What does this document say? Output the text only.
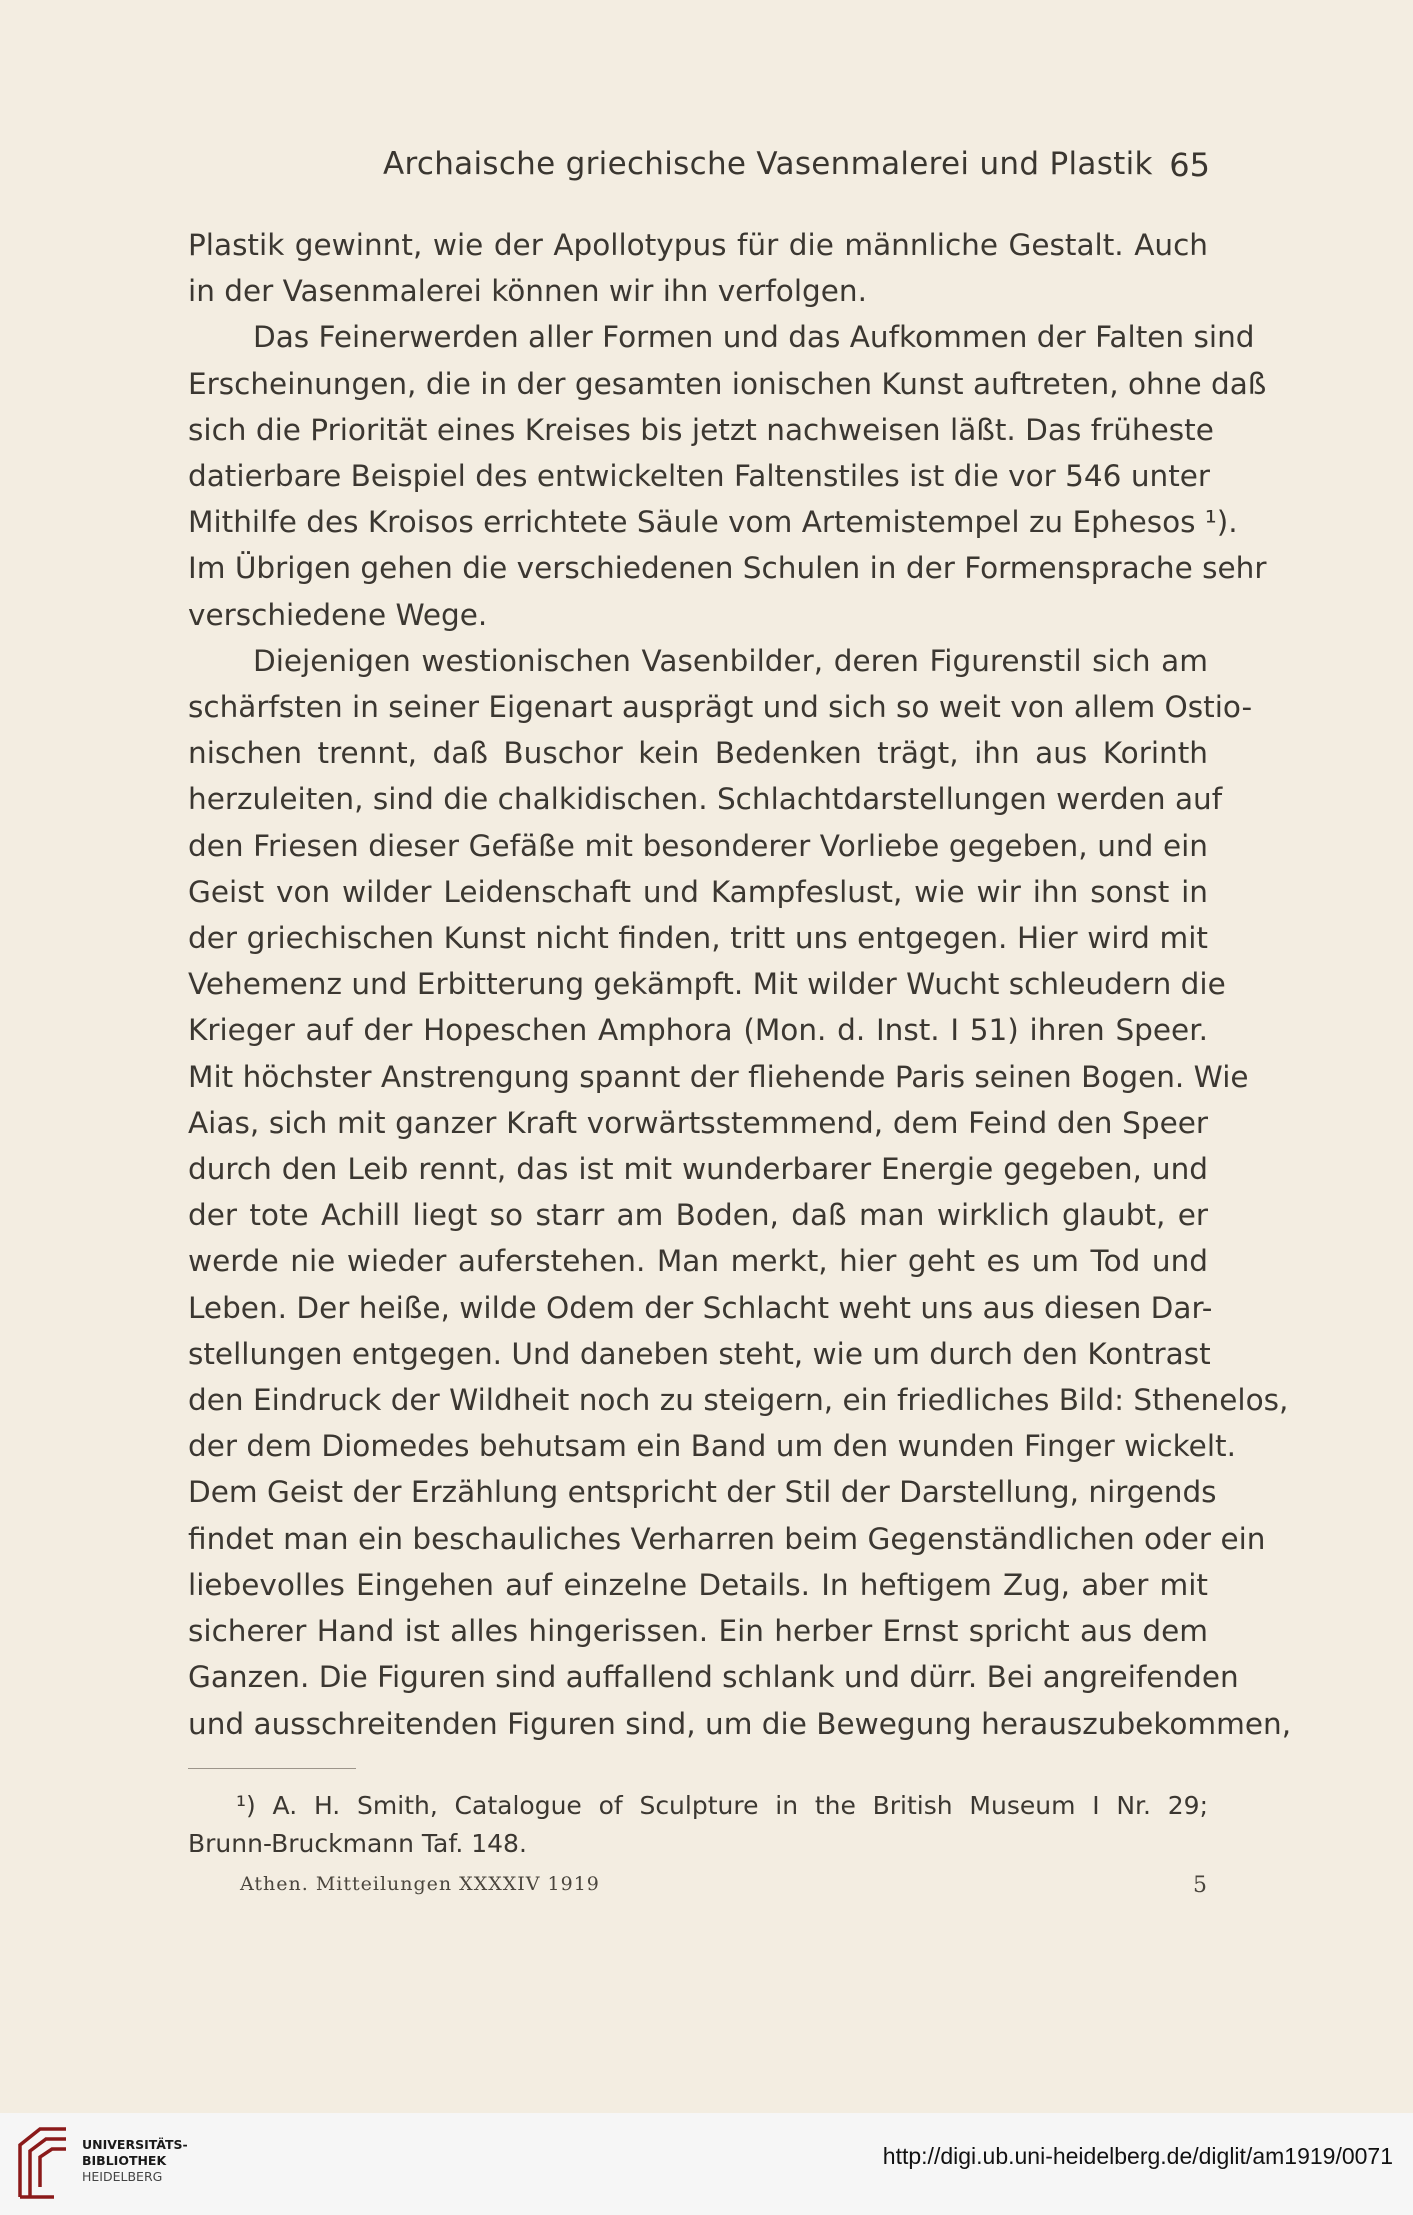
Archaische griechische Vasenmalerei und Plastik 65

Plastik gewinnt, wie der Apollotypus für die männliche Gestalt. Auch
in der Vasenmalerei können wir ihn verfolgen.

Das Feinerwerden aller Formen und das Aufkommen der Falten sind
Erscheinungen, die in der gesamten ionischen Kunst auftreten, ohne daß
sich die Priorität eines Kreises bis jetzt nachweisen läßt. Das früheste
datierbare Beispiel des entwickelten Faltenstiles ist die vor 546 unter
Mithilfe des Kroisos errichtete Säule vom Artemistempel zu Ephesos ¹).
Im Übrigen gehen die verschiedenen Schulen in der Formensprache sehr
verschiedene Wege.

Diejenigen westionischen Vasenbilder, deren Figurenstil sich am
schärfsten in seiner Eigenart ausprägt und sich so weit von allem Ostio-
nischen trennt, daß Buschor kein Bedenken trägt, ihn aus Korinth
herzuleiten, sind die chalkidischen. Schlachtdarstellungen werden auf
den Friesen dieser Gefäße mit besonderer Vorliebe gegeben, und ein
Geist von wilder Leidenschaft und Kampfeslust, wie wir ihn sonst in
der griechischen Kunst nicht finden, tritt uns entgegen. Hier wird mit
Vehemenz und Erbitterung gekämpft. Mit wilder Wucht schleudern die
Krieger auf der Hopeschen Amphora (Mon. d. Inst. I 51) ihren Speer.
Mit höchster Anstrengung spannt der fliehende Paris seinen Bogen. Wie
Aias, sich mit ganzer Kraft vorwärtsstemmend, dem Feind den Speer
durch den Leib rennt, das ist mit wunderbarer Energie gegeben, und
der tote Achill liegt so starr am Boden, daß man wirklich glaubt, er
werde nie wieder auferstehen. Man merkt, hier geht es um Tod und
Leben. Der heiße, wilde Odem der Schlacht weht uns aus diesen Dar-
stellungen entgegen. Und daneben steht, wie um durch den Kontrast
den Eindruck der Wildheit noch zu steigern, ein friedliches Bild: Sthenelos,
der dem Diomedes behutsam ein Band um den wunden Finger wickelt.
Dem Geist der Erzählung entspricht der Stil der Darstellung, nirgends
findet man ein beschauliches Verharren beim Gegenständlichen oder ein
liebevolles Eingehen auf einzelne Details. In heftigem Zug, aber mit
sicherer Hand ist alles hingerissen. Ein herber Ernst spricht aus dem
Ganzen. Die Figuren sind auffallend schlank und dürr. Bei angreifenden
und ausschreitenden Figuren sind, um die Bewegung herauszubekommen,

¹) A. H. Smith, Catalogue of Sculpture in the British Museum I Nr. 29;
Brunn-Bruckmann Taf. 148.
Athen. Mitteilungen XXXXIV 1919	5
UNIVERSITÄTS-
BIBLIOTHEK
HEIDELBERG
http://digi.ub.uni-heidelberg.de/diglit/am1919/0071
